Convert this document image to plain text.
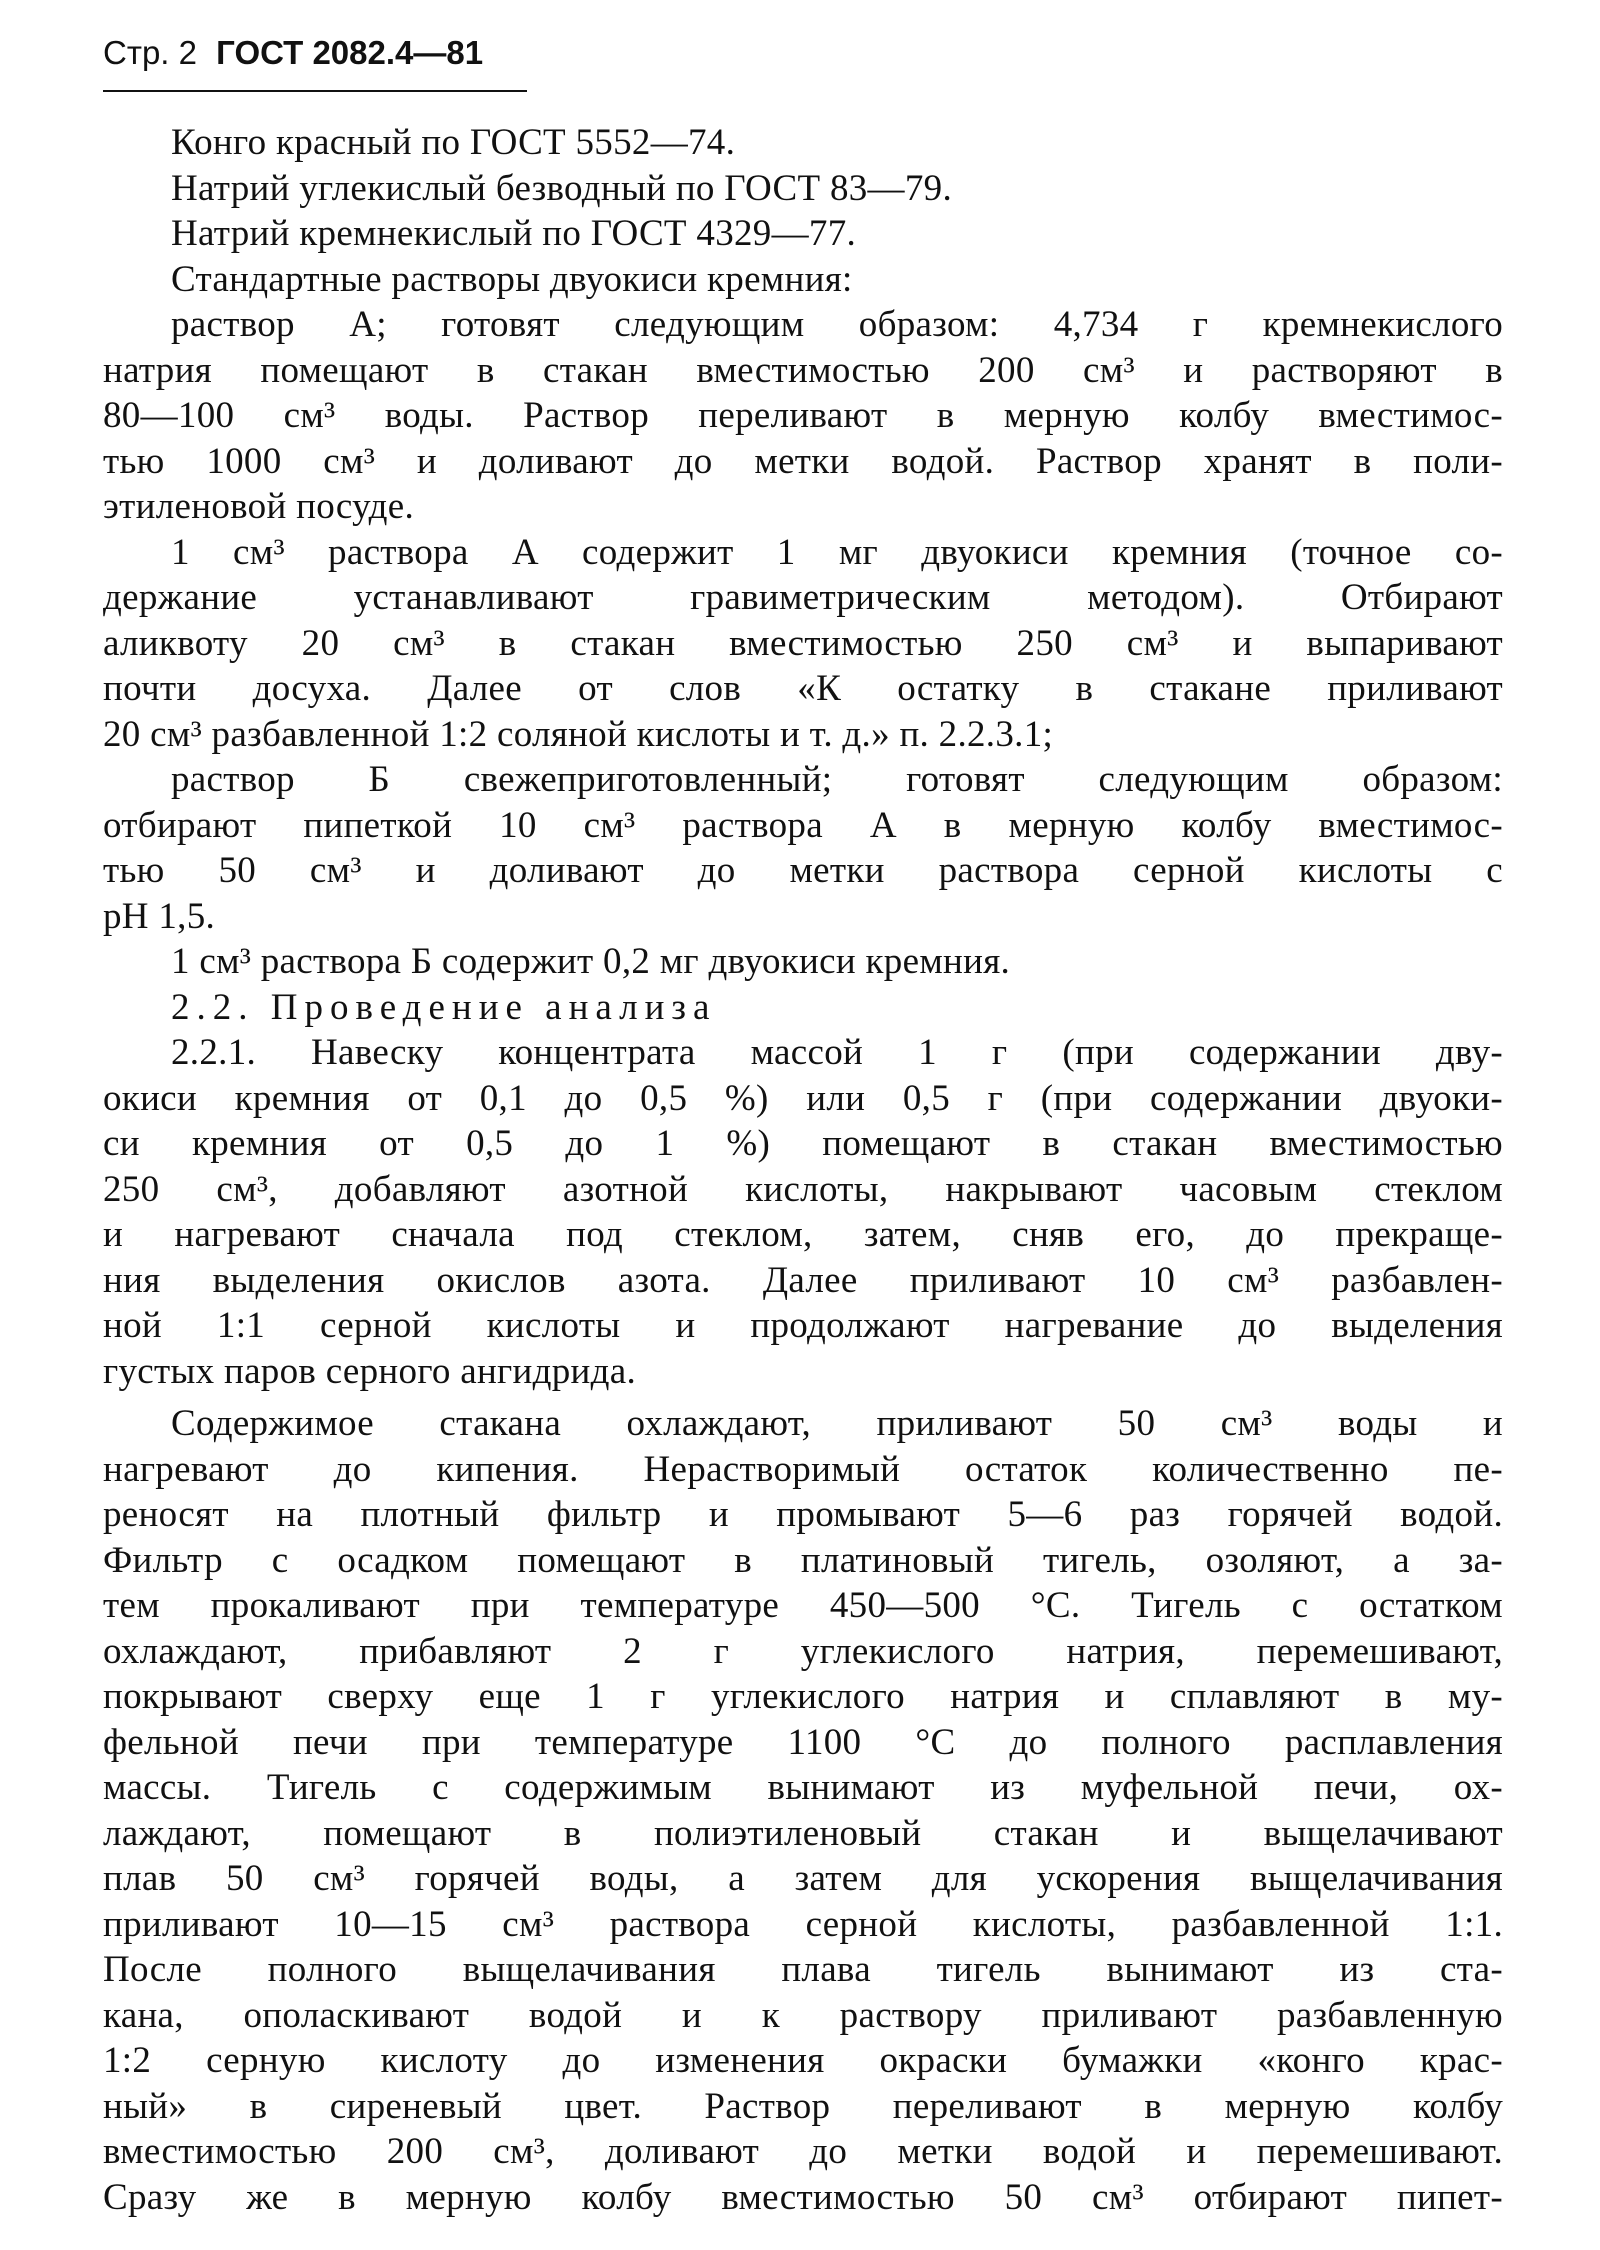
Стр. 2 ГОСТ 2082.4—81
Конго красный по ГОСТ 5552—74.
Натрий углекислый безводный по ГОСТ 83—79.
Натрий кремнекислый по ГОСТ 4329—77.
Стандартные растворы двуокиси кремния:
раствор А; готовят следующим образом: 4,734 г кремнекислого
натрия помещают в стакан вместимостью 200 см³ и растворяют в
80—100 см³ воды. Раствор переливают в мерную колбу вместимос-
тью 1000 см³ и доливают до метки водой. Раствор хранят в поли-
этиленовой посуде.
1 см³ раствора А содержит 1 мг двуокиси кремния (точное со-
держание устанавливают гравиметрическим методом). Отбирают
аликвоту 20 см³ в стакан вместимостью 250 см³ и выпаривают
почти досуха. Далее от слов «К остатку в стакане приливают
20 см³ разбавленной 1:2 соляной кислоты и т. д.» п. 2.2.3.1;
раствор Б свежеприготовленный; готовят следующим образом:
отбирают пипеткой 10 см³ раствора А в мерную колбу вместимос-
тью 50 см³ и доливают до метки раствора серной кислоты с
pH 1,5.
1 см³ раствора Б содержит 0,2 мг двуокиси кремния.
2.2. Проведение анализа
2.2.1. Навеску концентрата массой 1 г (при содержании дву-
окиси кремния от 0,1 до 0,5 %) или 0,5 г (при содержании двуоки-
си кремния от 0,5 до 1 %) помещают в стакан вместимостью
250 см³, добавляют азотной кислоты, накрывают часовым стеклом
и нагревают сначала под стеклом, затем, сняв его, до прекраще-
ния выделения окислов азота. Далее приливают 10 см³ разбавлен-
ной 1:1 серной кислоты и продолжают нагревание до выделения
густых паров серного ангидрида.
Содержимое стакана охлаждают, приливают 50 см³ воды и
нагревают до кипения. Нерастворимый остаток количественно пе-
реносят на плотный фильтр и промывают 5—6 раз горячей водой.
Фильтр с осадком помещают в платиновый тигель, озоляют, а за-
тем прокаливают при температуре 450—500 °С. Тигель с остатком
охлаждают, прибавляют 2 г углекислого натрия, перемешивают,
покрывают сверху еще 1 г углекислого натрия и сплавляют в му-
фельной печи при температуре 1100 °С до полного расплавления
массы. Тигель с содержимым вынимают из муфельной печи, ох-
лаждают, помещают в полиэтиленовый стакан и выщелачивают
плав 50 см³ горячей воды, а затем для ускорения выщелачивания
приливают 10—15 см³ раствора серной кислоты, разбавленной 1:1.
После полного выщелачивания плава тигель вынимают из ста-
кана, ополаскивают водой и к раствору приливают разбавленную
1:2 серную кислоту до изменения окраски бумажки «конго крас-
ный» в сиреневый цвет. Раствор переливают в мерную колбу
вместимостью 200 см³, доливают до метки водой и перемешивают.
Сразу же в мерную колбу вместимостью 50 см³ отбирают пипет-
